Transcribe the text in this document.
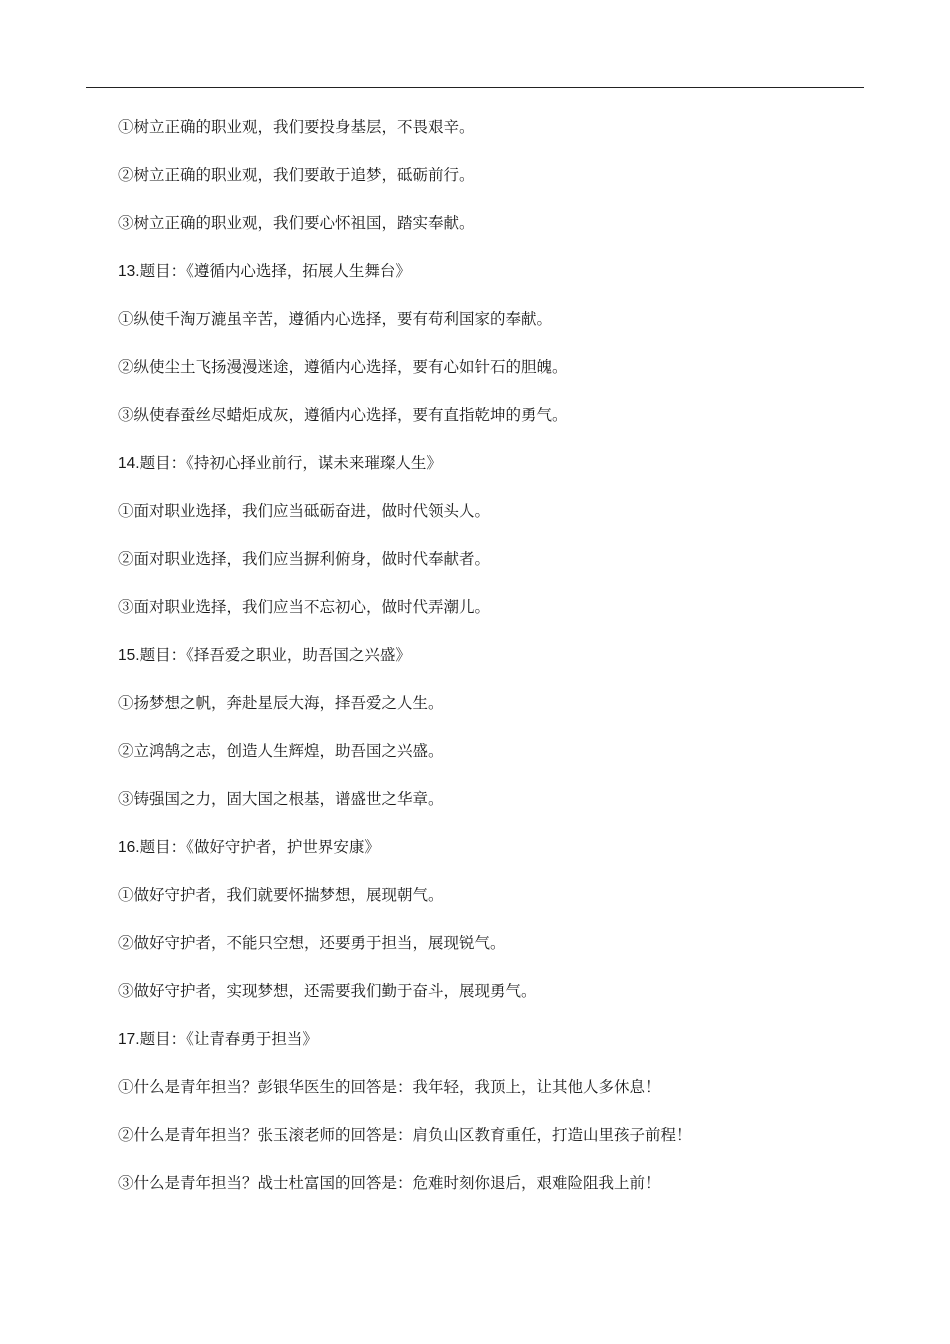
①树立正确的职业观，我们要投身基层，不畏艰辛。
②树立正确的职业观，我们要敢于追梦，砥砺前行。
③树立正确的职业观，我们要心怀祖国，踏实奉献。
13.题目：《遵循内心选择，拓展人生舞台》
①纵使千淘万漉虽辛苦，遵循内心选择，要有苟利国家的奉献。
②纵使尘土飞扬漫漫迷途，遵循内心选择，要有心如针石的胆魄。
③纵使春蚕丝尽蜡炬成灰，遵循内心选择，要有直指乾坤的勇气。
14.题目：《持初心择业前行，谋未来璀璨人生》
①面对职业选择，我们应当砥砺奋进，做时代领头人。
②面对职业选择，我们应当摒利俯身，做时代奉献者。
③面对职业选择，我们应当不忘初心，做时代弄潮儿。
15.题目：《择吾爱之职业，助吾国之兴盛》
①扬梦想之帆，奔赴星辰大海，择吾爱之人生。
②立鸿鹄之志，创造人生辉煌，助吾国之兴盛。
③铸强国之力，固大国之根基，谱盛世之华章。
16.题目：《做好守护者，护世界安康》
①做好守护者，我们就要怀揣梦想，展现朝气。
②做好守护者，不能只空想，还要勇于担当，展现锐气。
③做好守护者，实现梦想，还需要我们勤于奋斗，展现勇气。
17.题目：《让青春勇于担当》
①什么是青年担当？彭银华医生的回答是：我年轻，我顶上，让其他人多休息！
②什么是青年担当？张玉滚老师的回答是：肩负山区教育重任，打造山里孩子前程！
③什么是青年担当？战士杜富国的回答是：危难时刻你退后，艰难险阻我上前！
